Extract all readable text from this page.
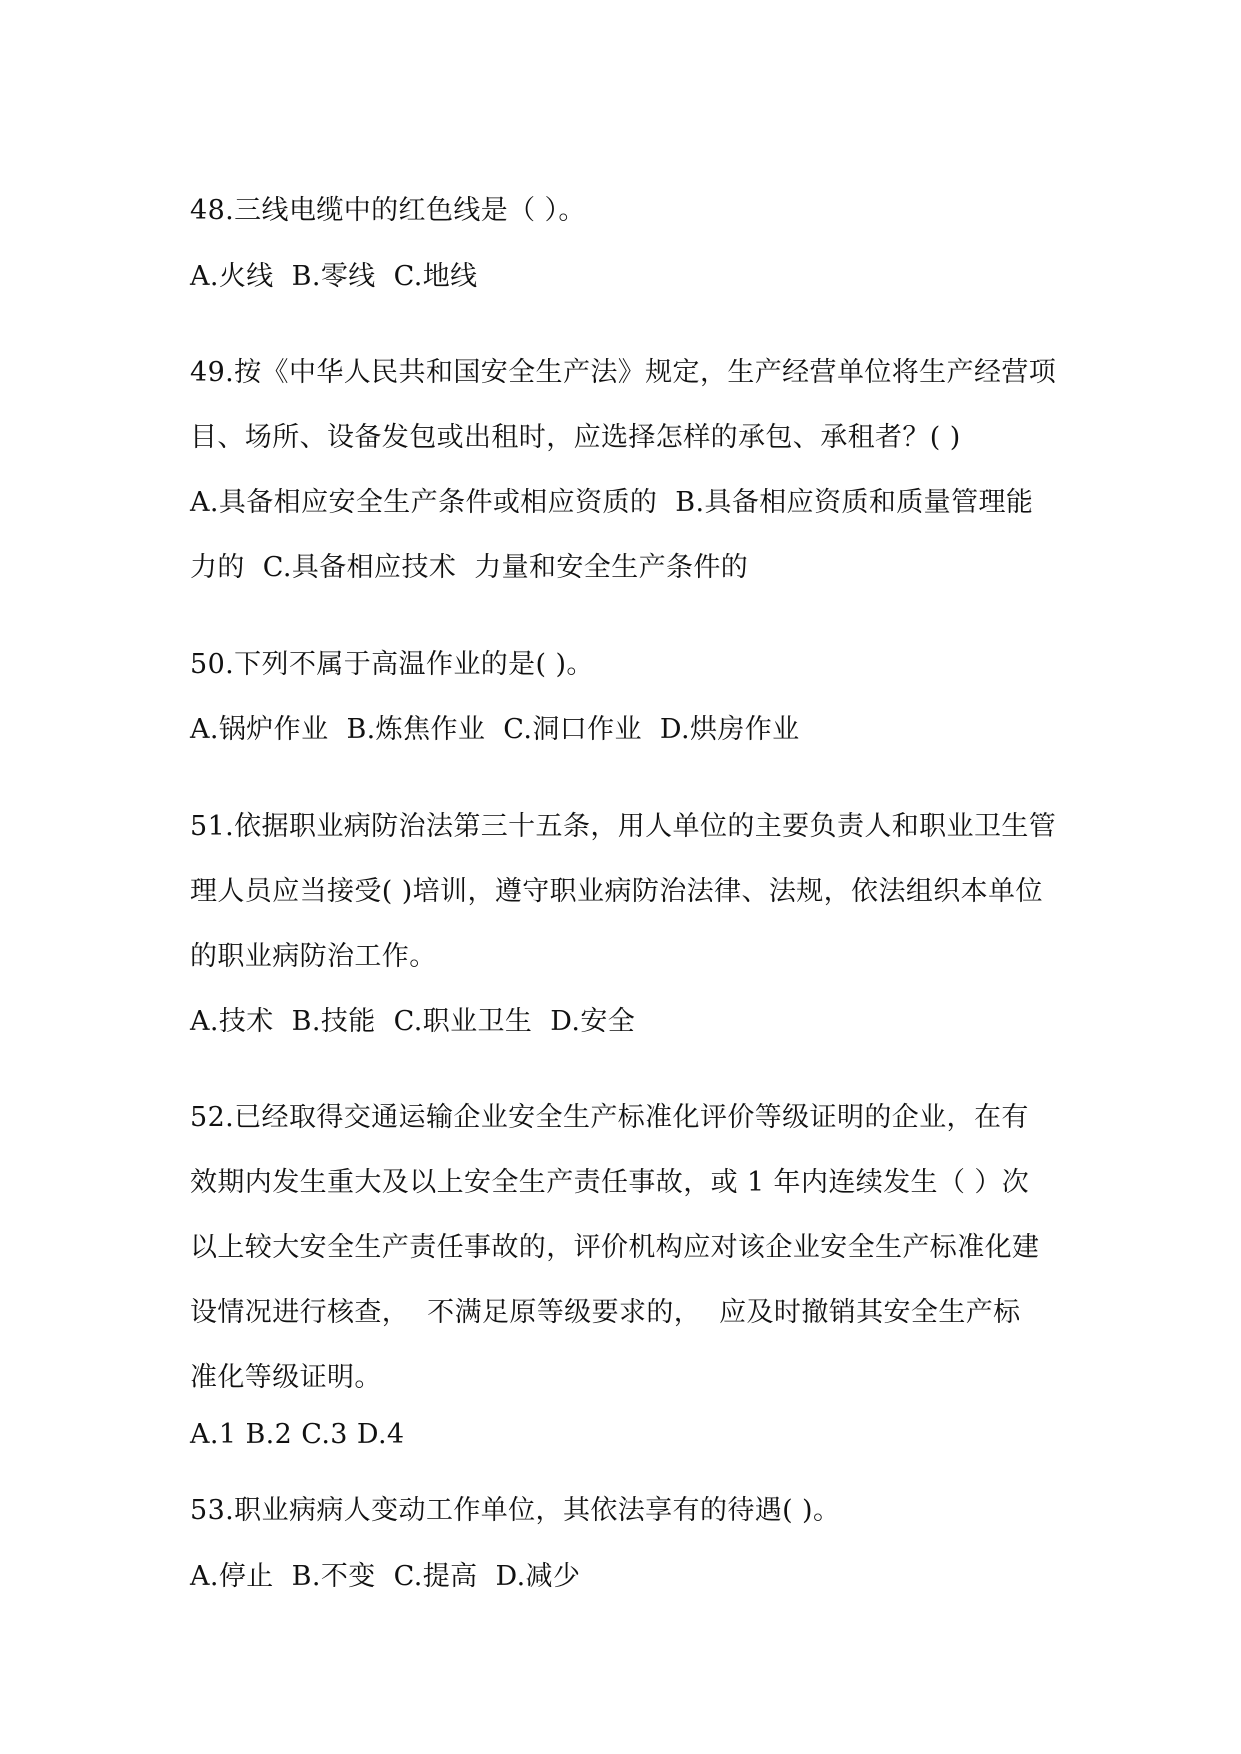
48.三线电缆中的红色线是（ ）。
A.火线  B.零线  C.地线
49.按《中华人民共和国安全生产法》规定，生产经营单位将生产经营项
目、场所、设备发包或出租时，应选择怎样的承包、承租者？( )
A.具备相应安全生产条件或相应资质的  B.具备相应资质和质量管理能
力的  C.具备相应技术  力量和安全生产条件的
50.下列不属于高温作业的是( )。
A.锅炉作业  B.炼焦作业  C.洞口作业  D.烘房作业
51.依据职业病防治法第三十五条，用人单位的主要负责人和职业卫生管
理人员应当接受( )培训，遵守职业病防治法律、法规，依法组织本单位
的职业病防治工作。
A.技术  B.技能  C.职业卫生  D.安全
52.已经取得交通运输企业安全生产标准化评价等级证明的企业，在有
效期内发生重大及以上安全生产责任事故，或 1 年内连续发生（ ）次
以上较大安全生产责任事故的，评价机构应对该企业安全生产标准化建
设情况进行核查，  不满足原等级要求的，  应及时撤销其安全生产标
准化等级证明。
A.1 B.2 C.3 D.4
53.职业病病人变动工作单位，其依法享有的待遇( )。
A.停止  B.不变  C.提高  D.减少
